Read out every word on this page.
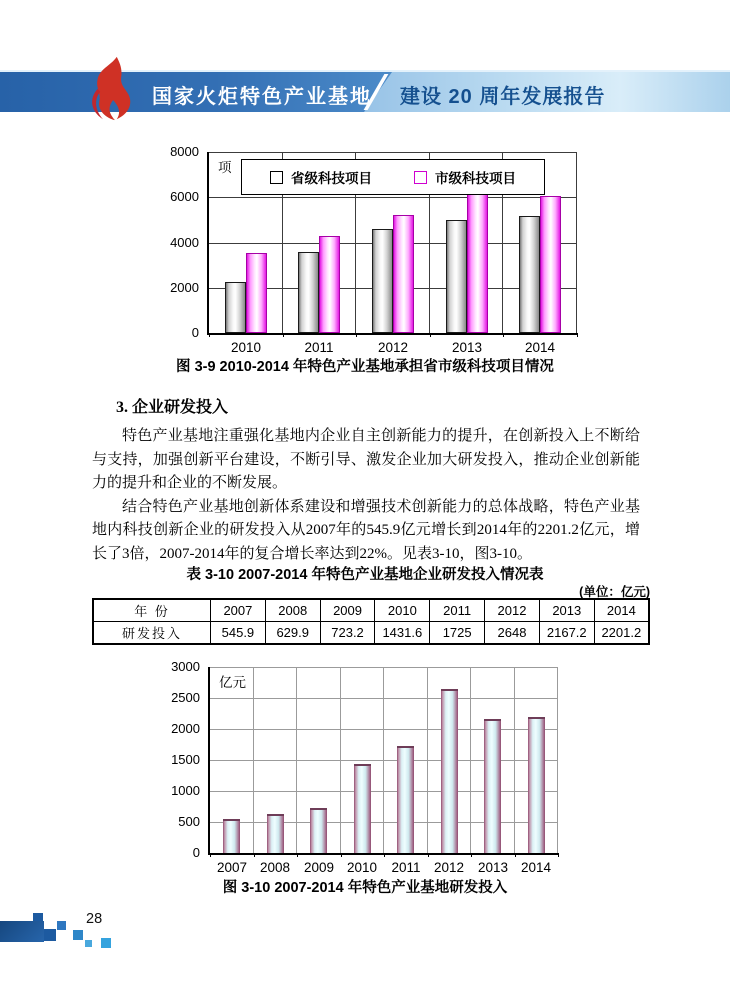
国家火炬特色产业基地 建设 20 周年发展报告
0
2000
4000
6000
8000
2010	2011	2012	2013	2014
项
省级科技项目	市级科技项目
图 3-9 2010-2014 年特色产业基地承担省市级科技项目情况
3. 企业研发投入

特色产业基地注重强化基地内企业自主创新能力的提升，在创新投入上不断给与支持，加强创新平台建设，不断引导、激发企业加大研发投入，推动企业创新能力的提升和企业的不断发展。

结合特色产业基地创新体系建设和增强技术创新能力的总体战略，特色产业基地内科技创新企业的研发投入从2007年的545.9亿元增长到2014年的2201.2亿元，增长了3倍，2007-2014年的复合增长率达到22%。见表3-10，图3-10。

表 3-10 2007-2014 年特色产业基地企业研发投入情况表
(单位：亿元)
年 份	2007	2008	2009	2010	2011	2012	2013	2014
研发投入	545.9	629.9	723.2	1431.6	1725	2648	2167.2	2201.2
0
500
1000
1500
2000
2500
3000
2007 2008	2009 2010	2011 2012	2013 2014
亿元
图 3-10 2007-2014 年特色产业基地研发投入
28
